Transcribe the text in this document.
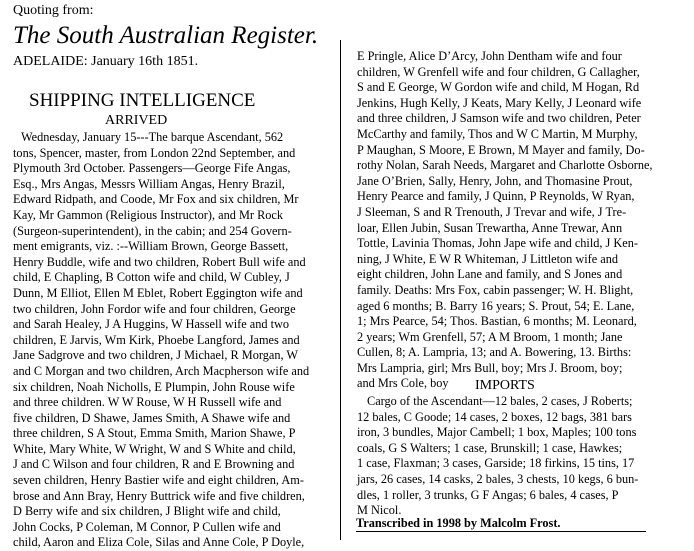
Quoting from:
The South Australian Register.
ADELAIDE: January 16th 1851.
SHIPPING INTELLIGENCE
ARRIVED
Wednesday, January 15---The barque Ascendant, 562
tons, Spencer, master, from London 22nd September, and
Plymouth 3rd October. Passengers—George Fife Angas,
Esq., Mrs Angas, Messrs William Angas, Henry Brazil,
Edward Ridpath, and Coode, Mr Fox and six children, Mr
Kay, Mr Gammon (Religious Instructor), and Mr Rock
(Surgeon-superintendent), in the cabin; and 254 Govern-
ment emigrants, viz. :--William Brown, George Bassett,
Henry Buddle, wife and two children, Robert Bull wife and
child, E Chapling, B Cotton wife and child, W Cubley, J
Dunn, M Elliot, Ellen M Eblet, Robert Eggington wife and
two children, John Fordor wife and four children, George
and Sarah Healey, J A Huggins, W Hassell wife and two
children, E Jarvis, Wm Kirk, Phoebe Langford, James and
Jane Sadgrove and two children, J Michael, R Morgan, W
and C Morgan and two children, Arch Macpherson wife and
six children, Noah Nicholls, E Plumpin, John Rouse wife
and three children. W W Rouse, W H Russell wife and
five children, D Shawe, James Smith, A Shawe wife and
three children, S A Stout, Emma Smith, Marion Shawe, P
White, Mary White, W Wright, W and S White and child,
J and C Wilson and four children, R and E Browning and
seven children, Henry Bastier wife and eight children, Am-
brose and Ann Bray, Henry Buttrick wife and five children,
D Berry wife and six children, J Blight wife and child,
John Cocks, P Coleman, M Connor, P Cullen wife and
child, Aaron and Eliza Cole, Silas and Anne Cole, P Doyle,
E Pringle, Alice D’Arcy, John Dentham wife and four
children, W Grenfell wife and four children, G Callagher,
S and E George, W Gordon wife and child, M Hogan, Rd
Jenkins, Hugh Kelly, J Keats, Mary Kelly, J Leonard wife
and three children, J Samson wife and two children, Peter
McCarthy and family, Thos and W C Martin, M Murphy,
P Maughan, S Moore, E Brown, M Mayer and family, Do-
rothy Nolan, Sarah Needs, Margaret and Charlotte Osborne,
Jane O’Brien, Sally, Henry, John, and Thomasine Prout,
Henry Pearce and family, J Quinn, P Reynolds, W Ryan,
J Sleeman, S and R Trenouth, J Trevar and wife, J Tre-
loar, Ellen Jubin, Susan Trewartha, Anne Trewar, Ann
Tottle, Lavinia Thomas, John Jape wife and child, J Ken-
ning, J White, E W R Whiteman, J Littleton wife and
eight children, John Lane and family, and S Jones and
family. Deaths: Mrs Fox, cabin passenger; W. H. Blight,
aged 6 months; B. Barry 16 years; S. Prout, 54; E. Lane,
1; Mrs Pearce, 54; Thos. Bastian, 6 months; M. Leonard,
2 years; Wm Grenfell, 57; A M Broom, 1 month; Jane
Cullen, 8; A. Lampria, 13; and A. Bowering, 13. Births:
Mrs Lampria, girl; Mrs Bull, boy; Mrs J. Broom, boy;
and Mrs Cole, boy	IMPORTS
Cargo of the Ascendant—12 bales, 2 cases, J Roberts;
12 bales, C Goode; 14 cases, 2 boxes, 12 bags, 381 bars
iron, 3 bundles, Major Cambell; 1 box, Maples; 100 tons
coals, G S Walters; 1 case, Brunskill; 1 case, Hawkes;
1 case, Flaxman; 3 cases, Garside; 18 firkins, 15 tins, 17
jars, 26 cases, 14 casks, 2 bales, 3 chests, 10 kegs, 6 bun-
dles, 1 roller, 3 trunks, G F Angas; 6 bales, 4 cases, P
M Nicol.
Transcribed in 1998 by Malcolm Frost.
